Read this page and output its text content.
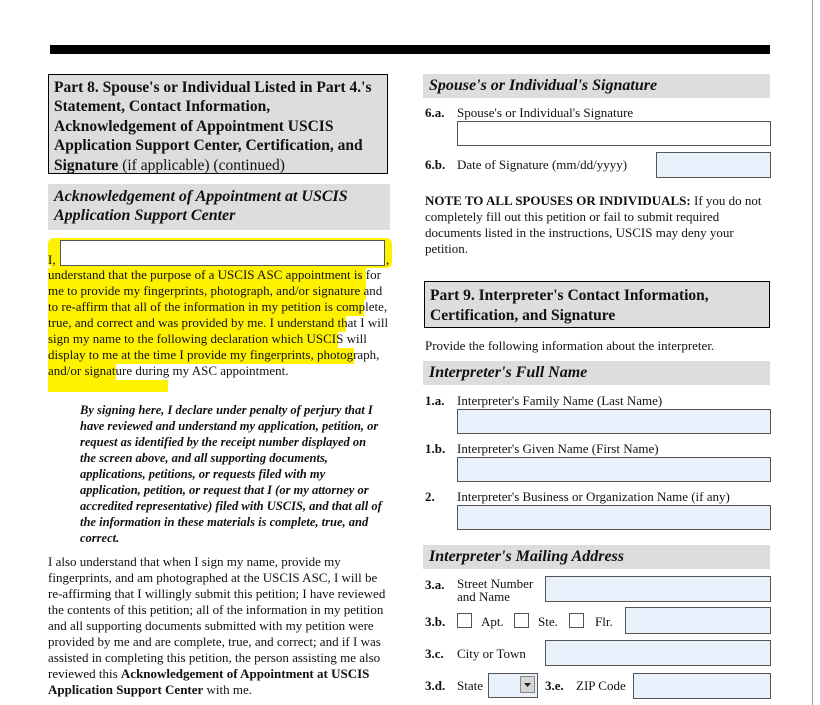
Part 8. Spouse's or Individual Listed in Part 4.'s Statement, Contact Information, Acknowledgement of Appointment USCIS Application Support Center, Certification, and Signature (if applicable) (continued)
Acknowledgement of Appointment at USCIS Application Support Center
I,	,
understand that the purpose of a USCIS ASC appointment is for me to provide my fingerprints, photograph, and/or signature and to re-affirm that all of the information in my petition is complete, true, and correct and was provided by me. I understand that I will sign my name to the following declaration which USCIS will display to me at the time I provide my fingerprints, photograph, and/or signature during my ASC appointment.
By signing here, I declare under penalty of perjury that I have reviewed and understand my application, petition, or request as identified by the receipt number displayed on the screen above, and all supporting documents, applications, petitions, or requests filed with my application, petition, or request that I (or my attorney or accredited representative) filed with USCIS, and that all of the information in these materials is complete, true, and correct.
I also understand that when I sign my name, provide my fingerprints, and am photographed at the USCIS ASC, I will be re-affirming that I willingly submit this petition; I have reviewed the contents of this petition; all of the information in my petition and all supporting documents submitted with my petition were provided by me and are complete, true, and correct; and if I was assisted in completing this petition, the person assisting me also reviewed this Acknowledgement of Appointment at USCIS Application Support Center with me.
Spouse's or Individual's Signature
6.a. Spouse's or Individual's Signature
6.b. Date of Signature (mm/dd/yyyy)
NOTE TO ALL SPOUSES OR INDIVIDUALS: If you do not completely fill out this petition or fail to submit required documents listed in the instructions, USCIS may deny your petition.
Part 9. Interpreter's Contact Information, Certification, and Signature
Provide the following information about the interpreter.
Interpreter's Full Name
1.a. Interpreter's Family Name (Last Name)
1.b. Interpreter's Given Name (First Name)
2. Interpreter's Business or Organization Name (if any)
Interpreter's Mailing Address
3.a. Street Number and Name
3.b.	Apt.	Ste.	Flr.
3.c. City or Town
3.d. State	3.e. ZIP Code
